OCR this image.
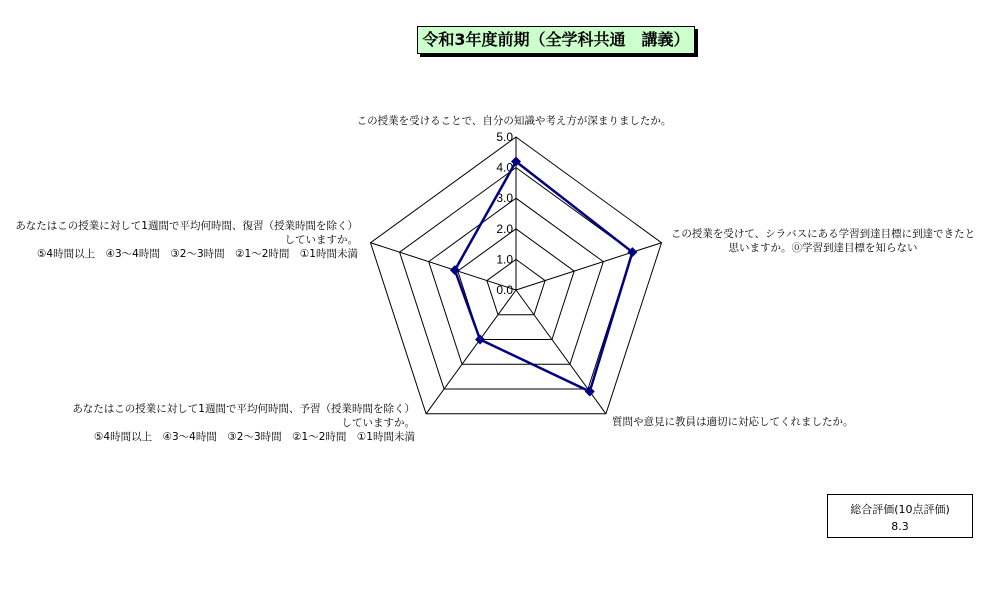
令和3年度前期（全学科共通　講義）
0.0
1.0
2.0
3.0
4.0
5.0
この授業を受けることで、自分の知識や考え方が深まりましたか。
この授業を受けて、シラバスにある学習到達目標に到達できたと思いますか。⓪学習到達目標を知らない
質問や意見に教員は適切に対応してくれましたか。
あなたはこの授業に対して1週間で平均何時間、予習（授業時間を除く）していますか。 ⑤4時間以上　④3～4時間　③2～3時間　②1～2時間　①1時間未満
あなたはこの授業に対して1週間で平均何時間、復習（授業時間を除く）していますか。 ⑤4時間以上　④3～4時間　③2～3時間　②1～2時間　①1時間未満
総合評価(10点評価)
8.3
